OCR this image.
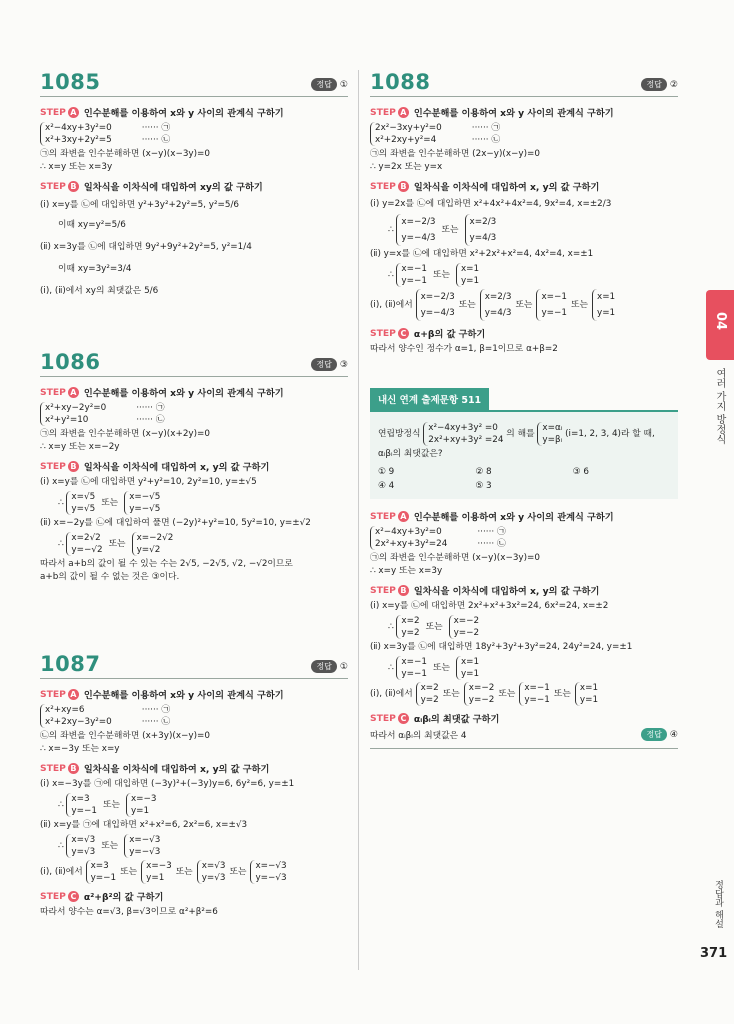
1085	정답 ①
STEP A 인수분해를 이용하여 x와 y 사이의 관계식 구하기
x²−4xy+3y²=0
x²+3xy+2y²=5
······ ㉠
······ ㉡
㉠의 좌변을 인수분해하면 (x−y)(x−3y)=0
∴ x=y 또는 x=3y
STEP B 일차식을 이차식에 대입하여 xy의 값 구하기
(ⅰ) x=y를 ㉡에 대입하면 y²+3y²+2y²=5, y²=5/6
이때 xy=y²=5/6
(ⅱ) x=3y를 ㉡에 대입하면 9y²+9y²+2y²=5, y²=1/4
이때 xy=3y²=3/4
(ⅰ), (ⅱ)에서 xy의 최댓값은 5/6
1086	정답 ③
STEP A 인수분해를 이용하여 x와 y 사이의 관계식 구하기
x²+xy−2y²=0
x²+y²=10
······ ㉠
······ ㉡
㉠의 좌변을 인수분해하면 (x−y)(x+2y)=0
∴ x=y 또는 x=−2y
STEP B 일차식을 이차식에 대입하여 x, y의 값 구하기
(ⅰ) x=y를 ㉡에 대입하면 y²+y²=10, 2y²=10, y=±√5
∴
x=√5
y=√5
또는
x=−√5
y=−√5
(ⅱ) x=−2y를 ㉡에 대입하여 풀면 (−2y)²+y²=10, 5y²=10, y=±√2
∴
x=2√2
y=−√2
또는
x=−2√2
y=√2
따라서 a+b의 값이 될 수 있는 수는 2√5, −2√5, √2, −√2이므로
a+b의 값이 될 수 없는 것은 ③이다.
1087	정답 ①
STEP A 인수분해를 이용하여 x와 y 사이의 관계식 구하기
x²+xy=6
x²+2xy−3y²=0
······ ㉠
······ ㉡
㉡의 좌변을 인수분해하면 (x+3y)(x−y)=0
∴ x=−3y 또는 x=y
STEP B 일차식을 이차식에 대입하여 x, y의 값 구하기
(ⅰ) x=−3y를 ㉠에 대입하면 (−3y)²+(−3y)y=6, 6y²=6, y=±1
∴
x=3
y=−1
또는
x=−3
y=1
(ⅱ) x=y를 ㉠에 대입하면 x²+x²=6, 2x²=6, x=±√3
∴
x=√3
y=√3
또는
x=−√3
y=−√3
(ⅰ), (ⅱ)에서

x=3
y=−1
또는
x=−3
y=1
또는
x=√3
y=√3
또는
x=−√3
y=−√3
STEP C α²+β²의 값 구하기
따라서 양수는 α=√3, β=√3이므로 α²+β²=6
1088	정답 ②
STEP A 인수분해를 이용하여 x와 y 사이의 관계식 구하기
2x²−3xy+y²=0
x²+2xy+y²=4
······ ㉠
······ ㉡
㉠의 좌변을 인수분해하면 (2x−y)(x−y)=0
∴ y=2x 또는 y=x
STEP B 일차식을 이차식에 대입하여 x, y의 값 구하기
(ⅰ) y=2x를 ㉡에 대입하면 x²+4x²+4x²=4, 9x²=4, x=±2/3
∴
x=−2/3
y=−4/3
또는
x=2/3
y=4/3
(ⅱ) y=x를 ㉡에 대입하면 x²+2x²+x²=4, 4x²=4, x=±1
∴
x=−1
y=−1
또는
x=1
y=1
(ⅰ), (ⅱ)에서

x=−2/3
y=−4/3
또는
x=2/3
y=4/3
또는
x=−1
y=−1
또는
x=1
y=1
STEP C α+β의 값 구하기
따라서 양수인 정수가 α=1, β=1이므로 α+β=2
내신 연계 출제문항 511
연립방정식

x²−4xy+3y² =0
2x²+xy+3y² =24

의 해를

x=αᵢ
y=βᵢ

(i=1, 2, 3, 4)라 할 때,
αᵢβᵢ의 최댓값은?
① 9	② 8	③ 6
④ 4	⑤ 3
STEP A 인수분해를 이용하여 x와 y 사이의 관계식 구하기
x²−4xy+3y²=0
2x²+xy+3y²=24
······ ㉠
······ ㉡
㉠의 좌변을 인수분해하면 (x−y)(x−3y)=0
∴ x=y 또는 x=3y
STEP B 일차식을 이차식에 대입하여 x, y의 값 구하기
(ⅰ) x=y를 ㉡에 대입하면 2x²+x²+3x²=24, 6x²=24, x=±2
∴
x=2
y=2
또는
x=−2
y=−2
(ⅱ) x=3y를 ㉡에 대입하면 18y²+3y²+3y²=24, 24y²=24, y=±1
∴
x=−1
y=−1
또는
x=1
y=1
(ⅰ), (ⅱ)에서

x=2
y=2
또는
x=−2
y=−2
또는
x=−1
y=−1
또는
x=1
y=1
STEP C αᵢβᵢ의 최댓값 구하기
따라서 αᵢβᵢ의 최댓값은 4	정답 ④
04
여러 가지 방정식
정답과 해설
371
